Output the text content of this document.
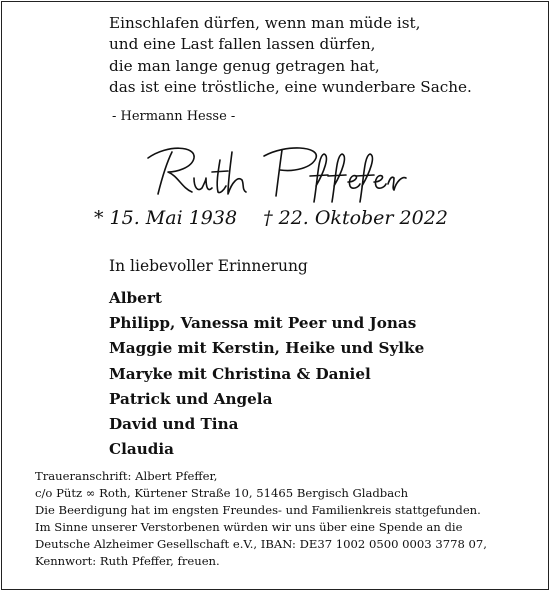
Einschlafen dürfen, wenn man müde ist,
und eine Last fallen lassen dürfen,
die man lange genug getragen hat,
das ist eine tröstliche, eine wunderbare Sache.
- Hermann Hesse -
* 15. Mai 1938 † 22. Oktober 2022
In liebevoller Erinnerung
Albert
Philipp, Vanessa mit Peer und Jonas
Maggie mit Kerstin, Heike und Sylke
Maryke mit Christina & Daniel
Patrick und Angela
David und Tina
Claudia
Traueranschrift: Albert Pfeffer,
c/o Pütz ∞ Roth, Kürtener Straße 10, 51465 Bergisch Gladbach
Die Beerdigung hat im engsten Freundes- und Familienkreis stattgefunden.
Im Sinne unserer Verstorbenen würden wir uns über eine Spende an die
Deutsche Alzheimer Gesellschaft e.V., IBAN: DE37 1002 0500 0003 3778 07,
Kennwort: Ruth Pfeffer, freuen.
